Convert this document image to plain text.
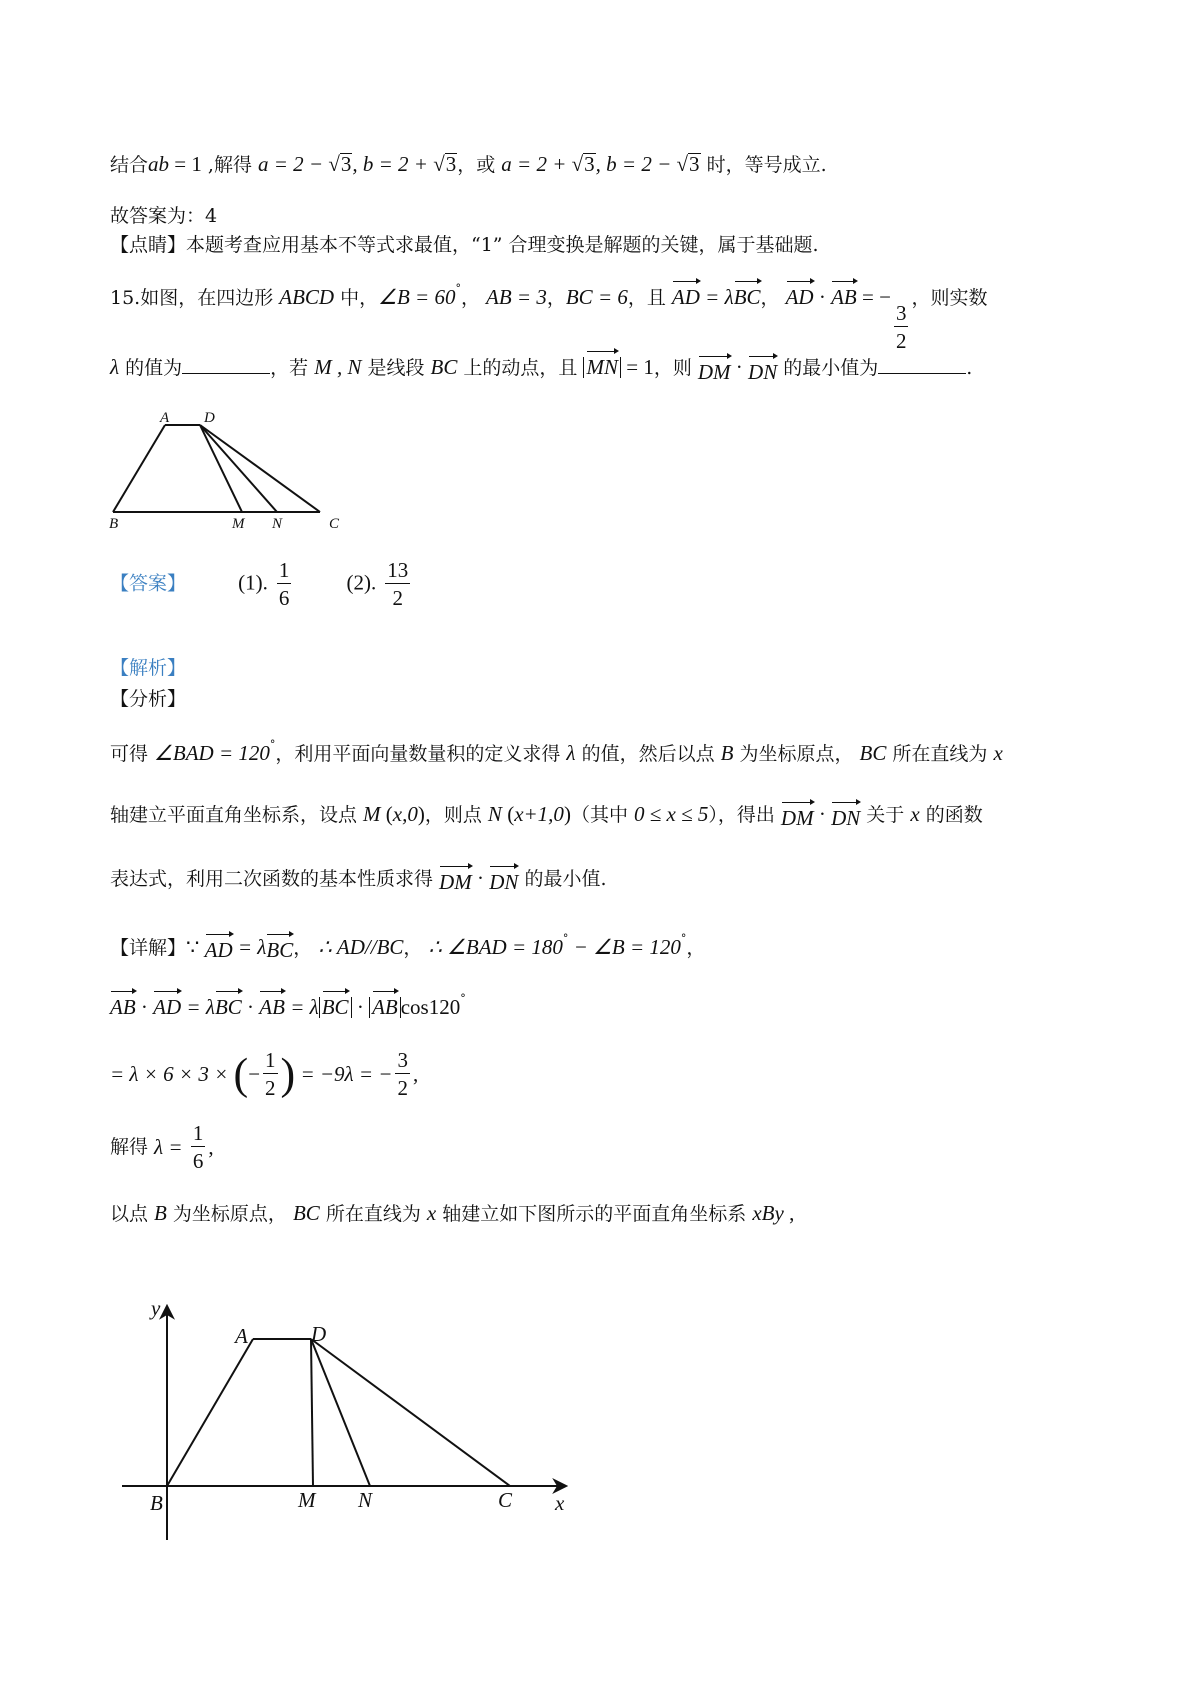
结合ab = 1 ,解得 a = 2 − √3, b = 2 + √3，或 a = 2 + √3, b = 2 − √3 时，等号成立.
故答案为：4
【点睛】本题考查应用基本不等式求最值，“1” 合理变换是解题的关键，属于基础题.
15.如图，在四边形 ABCD 中，∠B = 60°， AB = 3，BC = 6，且 AD = λBC， AD · AB = −
$\frac{3}{2}$
，则实数
λ 的值为	，若 M , N 是线段 BC 上的动点，且 MN = 1，则 DM · DN 的最小值为	.
A D
B	M N	C
【答案】 (1). $\frac{1}{6}$	(2). $\frac{13}{2}$
【解析】
【分析】
可得 ∠BAD = 120°，利用平面向量数量积的定义求得 λ 的值，然后以点 B 为坐标原点， BC 所在直线为 x
轴建立平面直角坐标系，设点 M (x,0)，则点 N (x+1,0)（其中 0 ≤ x ≤ 5），得出 DM · DN 关于 x 的函数
表达式，利用二次函数的基本性质求得 DM · DN 的最小值.
【详解】∵ AD = λBC， ∴ AD//BC， ∴ ∠BAD = 180° − ∠B = 120°，
AB · AD = λBC · AB = λ BC · AB cos120°
= λ × 6 × 3 × (− $\frac{1}{2}$ ) = −9λ = − $\frac{3}{2}$ ,
解得 $\lambda = \frac{1}{6}$ ,
以点 B 为坐标原点， BC 所在直线为 x 轴建立如下图所示的平面直角坐标系 xBy ,
y
x
A	D
B	M N	C
